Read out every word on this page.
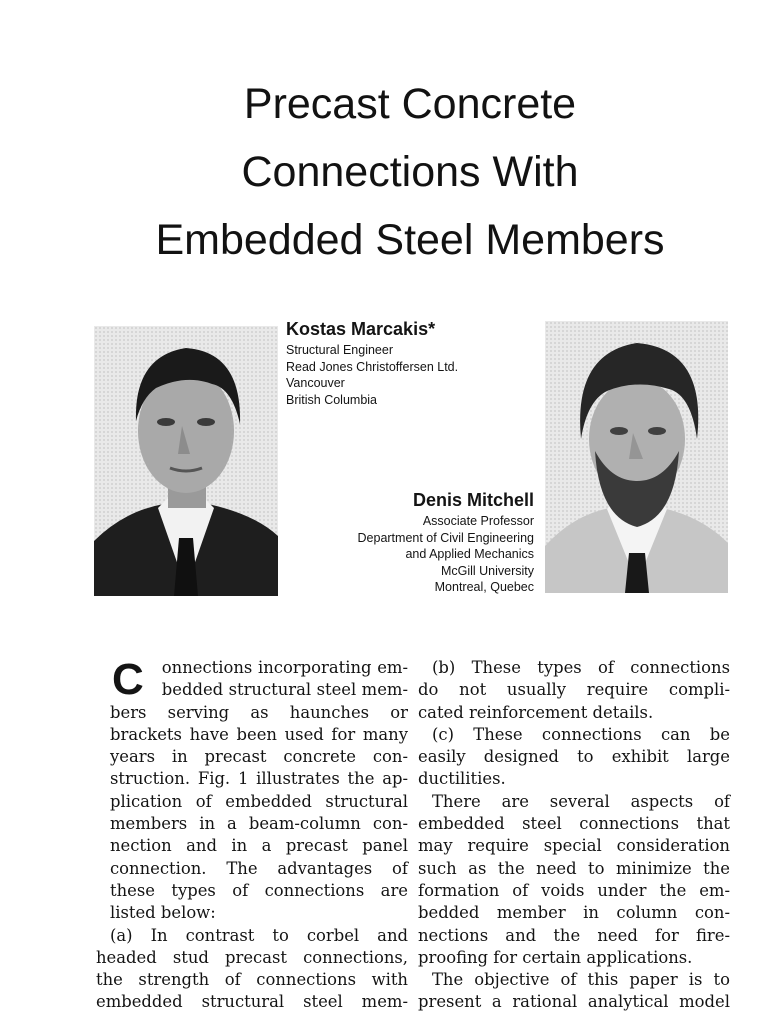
Precast Concrete
Connections With
Embedded Steel Members
Kostas Marcakis*
Structural Engineer
Read Jones Christoffersen Ltd.
Vancouver
British Columbia
Denis Mitchell
Associate Professor
Department of Civil Engineering
and Applied Mechanics
McGill University
Montreal, Quebec

C	onnections incorporating em-
bedded structural steel mem-
bers serving as haunches or
brackets have been used for many
years in precast concrete con-
struction. Fig. 1 illustrates the ap-
plication of embedded structural
members in a beam-column con-
nection and in a precast panel
connection. The advantages of
these types of connections are
listed below:

(a) In contrast to corbel and

headed stud precast connections,
the strength of connections with
embedded structural steel mem-

(b) These types of connections

do not usually require compli-
cated reinforcement details.

(c) These connections can be

easily designed to exhibit large
ductilities.

There are several aspects of

embedded steel connections that
may require special consideration
such as the need to minimize the
formation of voids under the em-
bedded member in column con-
nections and the need for fire-
proofing for certain applications.

The objective of this paper is to

present a rational analytical model
